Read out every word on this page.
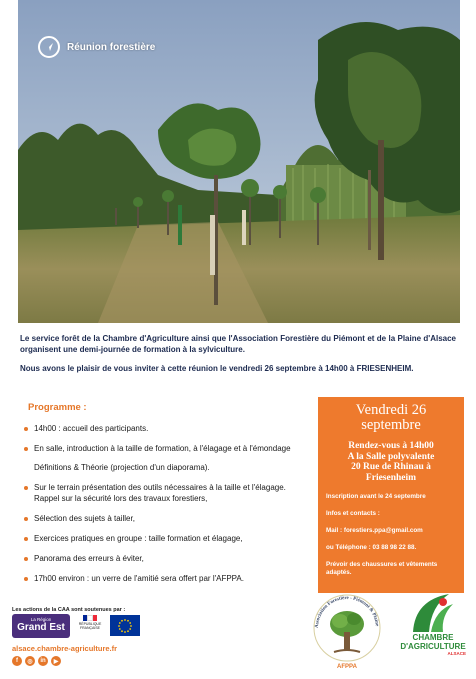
Réunion forestière

Le service forêt de la Chambre d'Agriculture ainsi que l'Association Forestière du Piémont et de la Plaine d'Alsace organisent une demi-journée de formation à la sylviculture.

Nous avons le plaisir de vous inviter à cette réunion le vendredi 26 septembre à 14h00 à FRIESENHEIM.

Programme :
14h00 : accueil des participants.
En salle, introduction à la taille de formation, à l'élagage et à l'émondage
Définitions & Théorie (projection d'un diaporama).
Sur le terrain présentation des outils nécessaires à la taille et l'élagage. Rappel sur la sécurité lors des travaux forestiers,
Sélection des sujets à tailler,
Exercices pratiques en groupe : taille formation et élagage,
Panorama des erreurs à éviter,
17h00 environ : un verre de l'amitié sera offert par l'AFPPA.
Vendredi 26 septembre
Rendez-vous à 14h00
A la Salle polyvalente
20 Rue de Rhinau à
Friesenheim

Inscription avant le 24 septembre

Infos et contacts :

Mail : forestiers.ppa@gmail.com

ou Téléphone : 03 88 98 22 88.

Prévoir des chaussures et vêtements adaptés.

Les actions de la CAA sont soutenues par :
La Région
Grand Est	RÉPUBLIQUE FRANÇAISE
alsace.chambre-agriculture.fr
f	◎	in	▶
Association Forestière - Piémont & Plaine
AFPPA
CHAMBRE
D'AGRICULTURE
ALSACE
